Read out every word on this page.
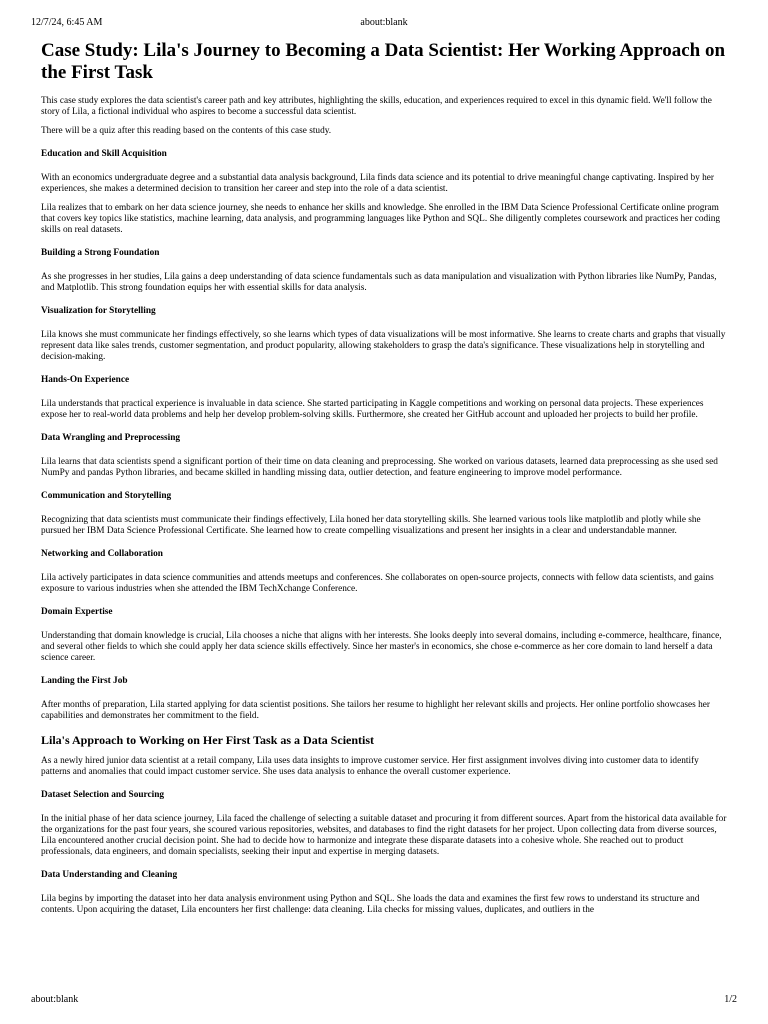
12/7/24, 6:45 AM	about:blank
Case Study: Lila's Journey to Becoming a Data Scientist: Her Working Approach on the First Task

This case study explores the data scientist's career path and key attributes, highlighting the skills, education, and experiences required to excel in this dynamic field. We'll follow the story of Lila, a fictional individual who aspires to become a successful data scientist.

There will be a quiz after this reading based on the contents of this case study.

Education and Skill Acquisition

With an economics undergraduate degree and a substantial data analysis background, Lila finds data science and its potential to drive meaningful change captivating. Inspired by her experiences, she makes a determined decision to transition her career and step into the role of a data scientist.

Lila realizes that to embark on her data science journey, she needs to enhance her skills and knowledge. She enrolled in the IBM Data Science Professional Certificate online program that covers key topics like statistics, machine learning, data analysis, and programming languages like Python and SQL. She diligently completes coursework and practices her coding skills on real datasets.

Building a Strong Foundation

As she progresses in her studies, Lila gains a deep understanding of data science fundamentals such as data manipulation and visualization with Python libraries like NumPy, Pandas, and Matplotlib. This strong foundation equips her with essential skills for data analysis.

Visualization for Storytelling

Lila knows she must communicate her findings effectively, so she learns which types of data visualizations will be most informative. She learns to create charts and graphs that visually represent data like sales trends, customer segmentation, and product popularity, allowing stakeholders to grasp the data's significance. These visualizations help in storytelling and decision-making.

Hands-On Experience

Lila understands that practical experience is invaluable in data science. She started participating in Kaggle competitions and working on personal data projects. These experiences expose her to real-world data problems and help her develop problem-solving skills. Furthermore, she created her GitHub account and uploaded her projects to build her profile.

Data Wrangling and Preprocessing

Lila learns that data scientists spend a significant portion of their time on data cleaning and preprocessing. She worked on various datasets, learned data preprocessing as she used sed NumPy and pandas Python libraries, and became skilled in handling missing data, outlier detection, and feature engineering to improve model performance.

Communication and Storytelling

Recognizing that data scientists must communicate their findings effectively, Lila honed her data storytelling skills. She learned various tools like matplotlib and plotly while she pursued her IBM Data Science Professional Certificate. She learned how to create compelling visualizations and present her insights in a clear and understandable manner.

Networking and Collaboration

Lila actively participates in data science communities and attends meetups and conferences. She collaborates on open-source projects, connects with fellow data scientists, and gains exposure to various industries when she attended the IBM TechXchange Conference.

Domain Expertise

Understanding that domain knowledge is crucial, Lila chooses a niche that aligns with her interests. She looks deeply into several domains, including e-commerce, healthcare, finance, and several other fields to which she could apply her data science skills effectively. Since her master's in economics, she chose e-commerce as her core domain to land herself a data science career.

Landing the First Job

After months of preparation, Lila started applying for data scientist positions. She tailors her resume to highlight her relevant skills and projects. Her online portfolio showcases her capabilities and demonstrates her commitment to the field.

Lila's Approach to Working on Her First Task as a Data Scientist

As a newly hired junior data scientist at a retail company, Lila uses data insights to improve customer service. Her first assignment involves diving into customer data to identify patterns and anomalies that could impact customer service. She uses data analysis to enhance the overall customer experience.

Dataset Selection and Sourcing

In the initial phase of her data science journey, Lila faced the challenge of selecting a suitable dataset and procuring it from different sources. Apart from the historical data available for the organizations for the past four years, she scoured various repositories, websites, and databases to find the right datasets for her project. Upon collecting data from diverse sources, Lila encountered another crucial decision point. She had to decide how to harmonize and integrate these disparate datasets into a cohesive whole. She reached out to product professionals, data engineers, and domain specialists, seeking their input and expertise in merging datasets.

Data Understanding and Cleaning

Lila begins by importing the dataset into her data analysis environment using Python and SQL. She loads the data and examines the first few rows to understand its structure and contents. Upon acquiring the dataset, Lila encounters her first challenge: data cleaning. Lila checks for missing values, duplicates, and outliers in the

about:blank	1/2
